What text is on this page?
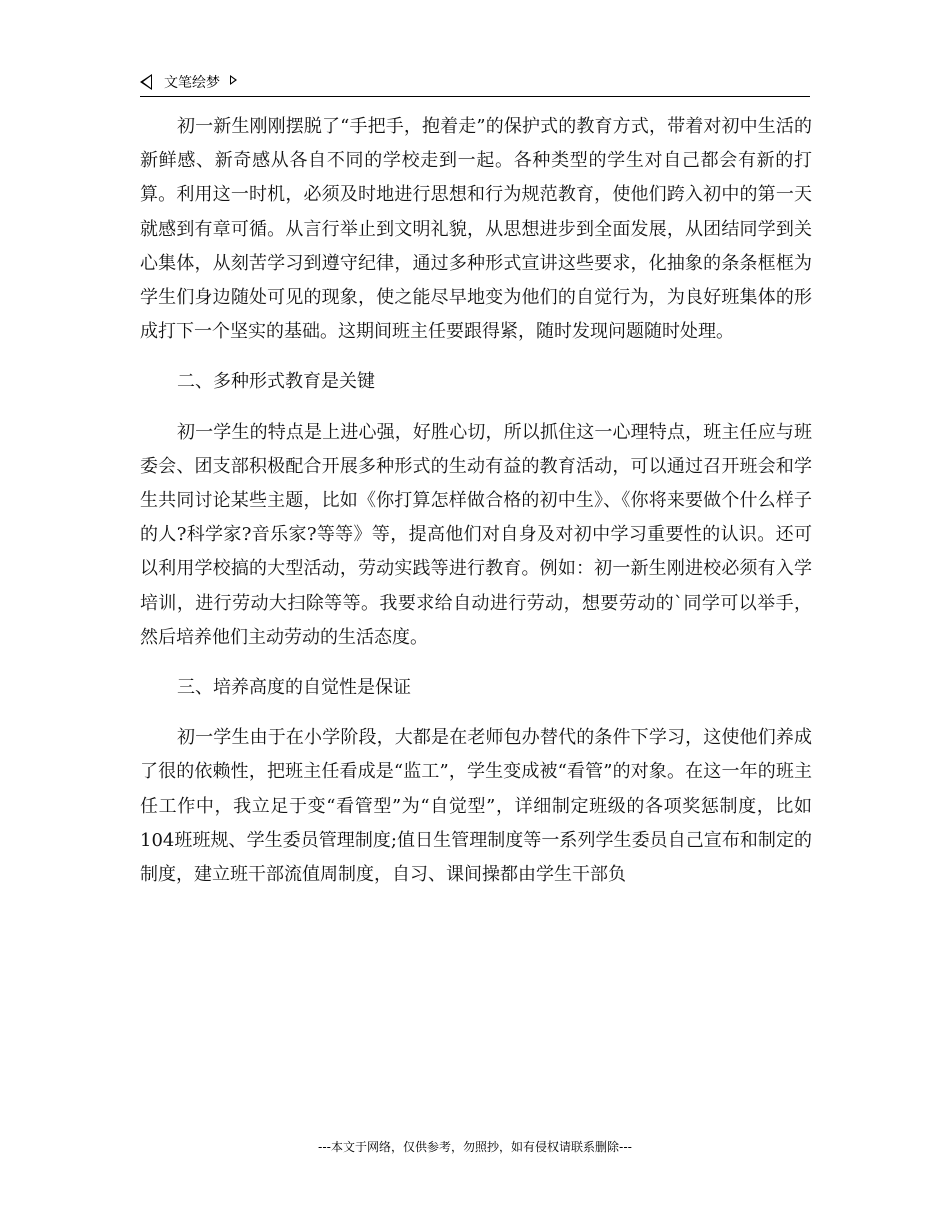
文笔绘梦

初一新生刚刚摆脱了“手把手，抱着走”的保护式的教育方式，带着对初中生活的新鲜感、新奇感从各自不同的学校走到一起。各种类型的学生对自己都会有新的打算。利用这一时机，必须及时地进行思想和行为规范教育，使他们跨入初中的第一天就感到有章可循。从言行举止到文明礼貌，从思想进步到全面发展，从团结同学到关心集体，从刻苦学习到遵守纪律，通过多种形式宣讲这些要求，化抽象的条条框框为学生们身边随处可见的现象，使之能尽早地变为他们的自觉行为，为良好班集体的形成打下一个坚实的基础。这期间班主任要跟得紧，随时发现问题随时处理。

二、多种形式教育是关键

初一学生的特点是上进心强，好胜心切，所以抓住这一心理特点，班主任应与班委会、团支部积极配合开展多种形式的生动有益的教育活动，可以通过召开班会和学生共同讨论某些主题，比如《你打算怎样做合格的初中生》、《你将来要做个什么样子的人?科学家?音乐家?等等》等，提高他们对自身及对初中学习重要性的认识。还可以利用学校搞的大型活动，劳动实践等进行教育。例如：初一新生刚进校必须有入学培训，进行劳动大扫除等等。我要求给自动进行劳动，想要劳动的`同学可以举手，然后培养他们主动劳动的生活态度。

三、培养高度的自觉性是保证

初一学生由于在小学阶段，大都是在老师包办替代的条件下学习，这使他们养成了很的依赖性，把班主任看成是“监工”，学生变成被“看管”的对象。在这一年的班主任工作中，我立足于变“看管型”为“自觉型”，详细制定班级的各项奖惩制度，比如104班班规、学生委员管理制度;值日生管理制度等一系列学生委员自己宣布和制定的制度，建立班干部流值周制度，自习、课间操都由学生干部负

---本文于网络，仅供参考，勿照抄，如有侵权请联系删除---
